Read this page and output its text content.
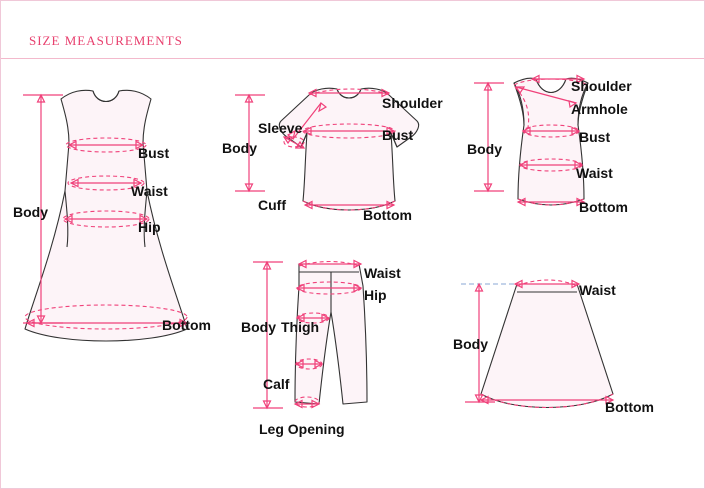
SIZE MEASUREMENTS
Bust
Waist
Hip
Body
Bottom
Shoulder
Sleeve	Bust
Body
Cuff
Bottom
Shoulder
Armhole
Bust
Body
Waist
Bottom
Waist
Hip
Body Thigh
Calf
Leg Opening
Waist
Body
Bottom
